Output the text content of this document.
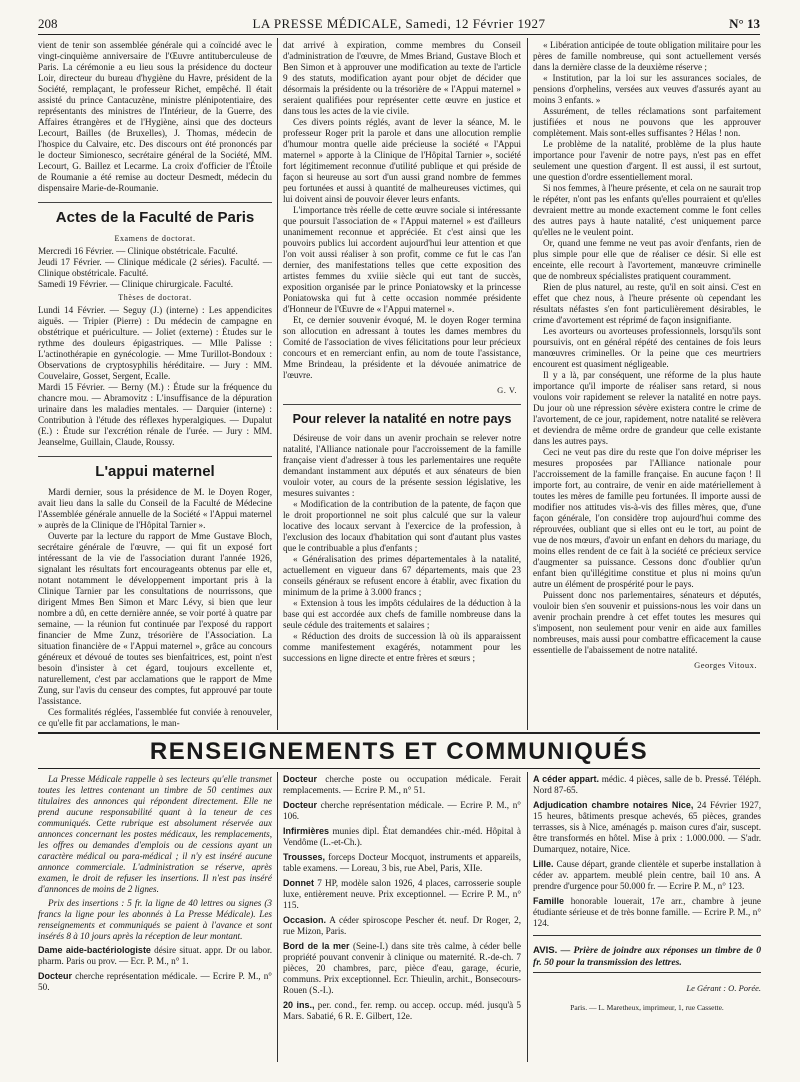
208	LA PRESSE MÉDICALE, Samedi, 12 Février 1927	N° 13

vient de tenir son assemblée générale qui a coïncidé avec le vingt-cinquième anniversaire de l'Œuvre antituberculeuse de Paris. La cérémonie a eu lieu sous la présidence du docteur Loir, directeur du bureau d'hygiène du Havre, président de la Société, remplaçant, le professeur Richet, empêché. Il était assisté du prince Cantacuzène, ministre plénipotentiaire, des représentants des ministres de l'Intérieur, de la Guerre, des Affaires étrangères et de l'Hygiène, ainsi que des docteurs Lecourt, Bailles (de Bruxelles), J. Thomas, médecin de l'hospice du Calvaire, etc. Des discours ont été prononcés par le docteur Simionesco, secrétaire général de la Société, MM. Lecourt, G. Baillez et Lecarme. La croix d'officier de l'Étoile de Roumanie a été remise au docteur Desmedt, médecin du dispensaire Marie-de-Roumanie.

Actes de la Faculté de Paris
Examens de doctorat.

Mercredi 16 Février. — Clinique obstétricale. Faculté.

Jeudi 17 Février. — Clinique médicale (2 séries). Faculté. — Clinique obstétricale. Faculté.

Samedi 19 Février. — Clinique chirurgicale. Faculté.

Thèses de doctorat.

Lundi 14 Février. — Seguy (J.) (interne) : Les appendicites aiguës. — Tripier (Pierre) : Du médecin de campagne en obstétrique et puériculture. — Joliet (externe) : Études sur le rythme des douleurs épigastriques. — Mlle Palisse : L'actinothérapie en gynécologie. — Mme Turillot-Bondoux : Observations de cryptosyphilis héréditaire. — Jury : MM. Couvelaire, Gosset, Sergent, Ecalle.

Mardi 15 Février. — Berny (M.) : Étude sur la fréquence du chancre mou. — Abramovitz : L'insuffisance de la dépuration urinaire dans les maladies mentales. — Darquier (interne) : Contribution à l'étude des réflexes hyperalgiques. — Dupalut (E.) : Étude sur l'excrétion rénale de l'urée. — Jury : MM. Jeanselme, Guillain, Claude, Roussy.

L'appui maternel

Mardi dernier, sous la présidence de M. le Doyen Roger, avait lieu dans la salle du Conseil de la Faculté de Médecine l'Assemblée générale annuelle de la Société « l'Appui maternel » auprès de la Clinique de l'Hôpital Tarnier ».

Ouverte par la lecture du rapport de Mme Gustave Bloch, secrétaire générale de l'œuvre, — qui fit un exposé fort intéressant de la vie de l'association durant l'année 1926, signalant les résultats fort encourageants obtenus par elle et, notant notamment le développement important pris à la Clinique Tarnier par les consultations de nourrissons, que dirigent Mmes Ben Simon et Marc Lévy, si bien que leur nombre a dû, en cette dernière année, se voir porté à quatre par semaine, — la réunion fut continuée par l'exposé du rapport financier de Mme Zunz, trésorière de l'Association. La situation financière de « l'Appui maternel », grâce au concours généreux et dévoué de toutes ses bienfaitrices, est, point n'est besoin d'insister à cet égard, toujours excellente et, naturellement, c'est par acclamations que le rapport de Mme Zung, sur l'avis du censeur des comptes, fut approuvé par toute l'assistance.

Ces formalités réglées, l'assemblée fut conviée à renouveler, ce qu'elle fit par acclamations, le man-

dat arrivé à expiration, comme membres du Conseil d'administration de l'œuvre, de Mmes Briand, Gustave Bloch et Ben Simon et à approuver une modification au texte de l'article 9 des statuts, modification ayant pour objet de décider que désormais la présidente ou la trésorière de « l'Appui maternel » seraient qualifiées pour représenter cette œuvre en justice et dans tous les actes de la vie civile.

Ces divers points réglés, avant de lever la séance, M. le professeur Roger prit la parole et dans une allocution remplie d'humour montra quelle aide précieuse la société « l'Appui maternel » apporte à la Clinique de l'Hôpital Tarnier », société fort légitimement reconnue d'utilité publique et qui préside de façon si heureuse au sort d'un aussi grand nombre de femmes peu fortunées et aussi à quantité de malheureuses victimes, qui lui doivent ainsi de pouvoir élever leurs enfants.

L'importance très réelle de cette œuvre sociale si intéressante que poursuit l'association de « l'Appui maternel » est d'ailleurs unanimement reconnue et appréciée. Et c'est ainsi que les pouvoirs publics lui accordent aujourd'hui leur attention et que l'on voit aussi réaliser à son profit, comme ce fut le cas l'an dernier, des manifestations telles que cette exposition des artistes femmes du xviiie siècle qui eut tant de succès, exposition organisée par le prince Poniatowsky et la princesse Poniatowska qui fut à cette occasion nommée présidente d'Honneur de l'Œuvre de « l'Appui maternel ».

Et, ce dernier souvenir évoqué, M. le doyen Roger termina son allocution en adressant à toutes les dames membres du Comité de l'association de vives félicitations pour leur précieux concours et en remerciant enfin, au nom de toute l'assistance, Mme Brindeau, la présidente et la dévouée animatrice de l'œuvre.

G. V.
Pour relever la natalité en notre pays

Désireuse de voir dans un avenir prochain se relever notre natalité, l'Alliance nationale pour l'accroissement de la famille française vient d'adresser à tous les parlementaires une requête demandant instamment aux députés et aux sénateurs de bien vouloir voter, au cours de la présente session législative, les mesures suivantes :

« Modification de la contribution de la patente, de façon que le droit proportionnel ne soit plus calculé que sur la valeur locative des locaux servant à l'exercice de la profession, à l'exclusion des locaux d'habitation qui sont d'autant plus vastes que le contribuable a plus d'enfants ;

« Généralisation des primes départementales à la natalité, actuellement en vigueur dans 67 départements, mais que 23 conseils généraux se refusent encore à établir, avec fixation du minimum de la prime à 3.000 francs ;

« Extension à tous les impôts cédulaires de la déduction à la base qui est accordée aux chefs de famille nombreuse dans la seule cédule des traitements et salaires ;

« Réduction des droits de succession là où ils apparaissent comme manifestement exagérés, notamment pour les successions en ligne directe et entre frères et sœurs ;

« Libération anticipée de toute obligation militaire pour les pères de famille nombreuse, qui sont actuellement versés dans la dernière classe de la deuxième réserve ;

« Institution, par la loi sur les assurances sociales, de pensions d'orphelins, versées aux veuves d'assurés ayant au moins 3 enfants. »

Assurément, de telles réclamations sont parfaitement justifiées et nous ne pouvons que les approuver complètement. Mais sont-elles suffisantes ? Hélas ! non.

Le problème de la natalité, problème de la plus haute importance pour l'avenir de notre pays, n'est pas en effet seulement une question d'argent. Il est aussi, il est surtout, une question d'ordre essentiellement moral.

Si nos femmes, à l'heure présente, et cela on ne saurait trop le répéter, n'ont pas les enfants qu'elles pourraient et qu'elles devraient mettre au monde exactement comme le font celles des autres pays à haute natalité, c'est uniquement parce qu'elles ne le veulent point.

Or, quand une femme ne veut pas avoir d'enfants, rien de plus simple pour elle que de réaliser ce désir. Si elle est enceinte, elle recourt à l'avortement, manœuvre criminelle que de nombreux spécialistes pratiquent couramment.

Rien de plus naturel, au reste, qu'il en soit ainsi. C'est en effet que chez nous, à l'heure présente où cependant les résultats néfastes s'en font particulièrement désirables, le crime d'avortement est réprimé de façon insignifiante.

Les avorteurs ou avorteuses professionnels, lorsqu'ils sont poursuivis, ont en général répété des centaines de fois leurs manœuvres criminelles. Or la peine que ces meurtriers encourent est quasiment négligeable.

Il y a là, par conséquent, une réforme de la plus haute importance qu'il importe de réaliser sans retard, si nous voulons voir rapidement se relever la natalité en notre pays. Du jour où une répression sévère existera contre le crime de l'avortement, de ce jour, rapidement, notre natalité se relèvera et deviendra de même ordre de grandeur que celle existante dans les autres pays.

Ceci ne veut pas dire du reste que l'on doive mépriser les mesures proposées par l'Alliance nationale pour l'accroissement de la famille française. En aucune façon ! Il importe fort, au contraire, de venir en aide matériellement à toutes les mères de famille peu fortunées. Il importe aussi de modifier nos attitudes vis-à-vis des filles mères, que, d'une façon générale, l'on considère trop aujourd'hui comme des réprouvées, oubliant que si elles ont eu le tort, au point de vue de nos mœurs, d'avoir un enfant en dehors du mariage, du moins elles rendent de ce fait à la société ce précieux service d'augmenter sa puissance. Cessons donc d'oublier qu'un enfant bien qu'illégitime constitue et plus ni moins qu'un autre un élément de prospérité pour le pays.

Puissent donc nos parlementaires, sénateurs et députés, vouloir bien s'en souvenir et puissions-nous les voir dans un avenir prochain prendre à cet effet toutes les mesures qui s'imposent, non seulement pour venir en aide aux familles nombreuses, mais aussi pour combattre efficacement la cause essentielle de l'abaissement de notre natalité.

Georges Vitoux.
RENSEIGNEMENTS ET COMMUNIQUÉS

La Presse Médicale rappelle à ses lecteurs qu'elle transmet toutes les lettres contenant un timbre de 50 centimes aux titulaires des annonces qui répondent directement. Elle ne prend aucune responsabilité quant à la teneur de ces communiqués. Cette rubrique est absolument réservée aux annonces concernant les postes médicaux, les remplacements, les offres ou demandes d'emplois ou de cessions ayant un caractère médical ou para-médical ; il n'y est inséré aucune annonce commerciale. L'administration se réserve, après examen, le droit de refuser les insertions. Il n'est pas inséré d'annonces de moins de 2 lignes.

Prix des insertions : 5 fr. la ligne de 40 lettres ou signes (3 francs la ligne pour les abonnés à La Presse Médicale). Les renseignements et communiqués se paient à l'avance et sont insérés 8 à 10 jours après la réception de leur montant.

Dame aide-bactériologiste désire situat. appr. Dr ou labor. pharm. Paris ou prov. — Ecr. P. M., n° 1.

Docteur cherche représentation médicale. — Ecrire P. M., n° 50.

Docteur cherche poste ou occupation médicale. Ferait remplacements. — Ecrire P. M., n° 51.

Docteur cherche représentation médicale. — Ecrire P. M., n° 106.

Infirmières munies dipl. État demandées chir.-méd. Hôpital à Vendôme (L.-et-Ch.).

Trousses, forceps Docteur Mocquot, instruments et appareils, table examens. — Loreau, 3 bis, rue Abel, Paris, XIIe.

Donnet 7 HP, modèle salon 1926, 4 places, carrosserie souple luxe, entièrement neuve. Prix exceptionnel. — Ecrire P. M., n° 115.

Occasion. A céder spiroscope Pescher ét. neuf. Dr Roger, 2, rue Mizon, Paris.

Bord de la mer (Seine-I.) dans site très calme, à céder belle propriété pouvant convenir à clinique ou maternité. R.-de-ch. 7 pièces, 20 chambres, parc, pièce d'eau, garage, écurie, communs. Prix exceptionnel. Ecr. Thieulin, archit., Bonsecours-Rouen (S.-I.).

20 ins., per. cond., fer. remp. ou accep. occup. méd. jusqu'à 5 Mars. Sabatié, 6 R. E. Gilbert, 12e.

A céder appart. médic. 4 pièces, salle de b. Pressé. Téléph. Nord 87-65.

Adjudication chambre notaires Nice, 24 Février 1927, 15 heures, bâtiments presque achevés, 65 pièces, grandes terrasses, sis à Nice, aménagés p. maison cures d'air, suscept. être transformés en hôtel. Mise à prix : 1.000.000. — S'adr. Dumarquez, notaire, Nice.

Lille. Cause départ, grande clientèle et superbe installation à céder av. appartem. meublé plein centre, bail 10 ans. A prendre d'urgence pour 50.000 fr. — Ecrire P. M., n° 123.

Famille honorable louerait, 17e arr., chambre à jeune étudiante sérieuse et de très bonne famille. — Ecrire P. M., n° 124.

AVIS. — Prière de joindre aux réponses un timbre de 0 fr. 50 pour la transmission des lettres.
Le Gérant : O. Porée.
Paris. — L. Maretheux, imprimeur, 1, rue Cassette.
